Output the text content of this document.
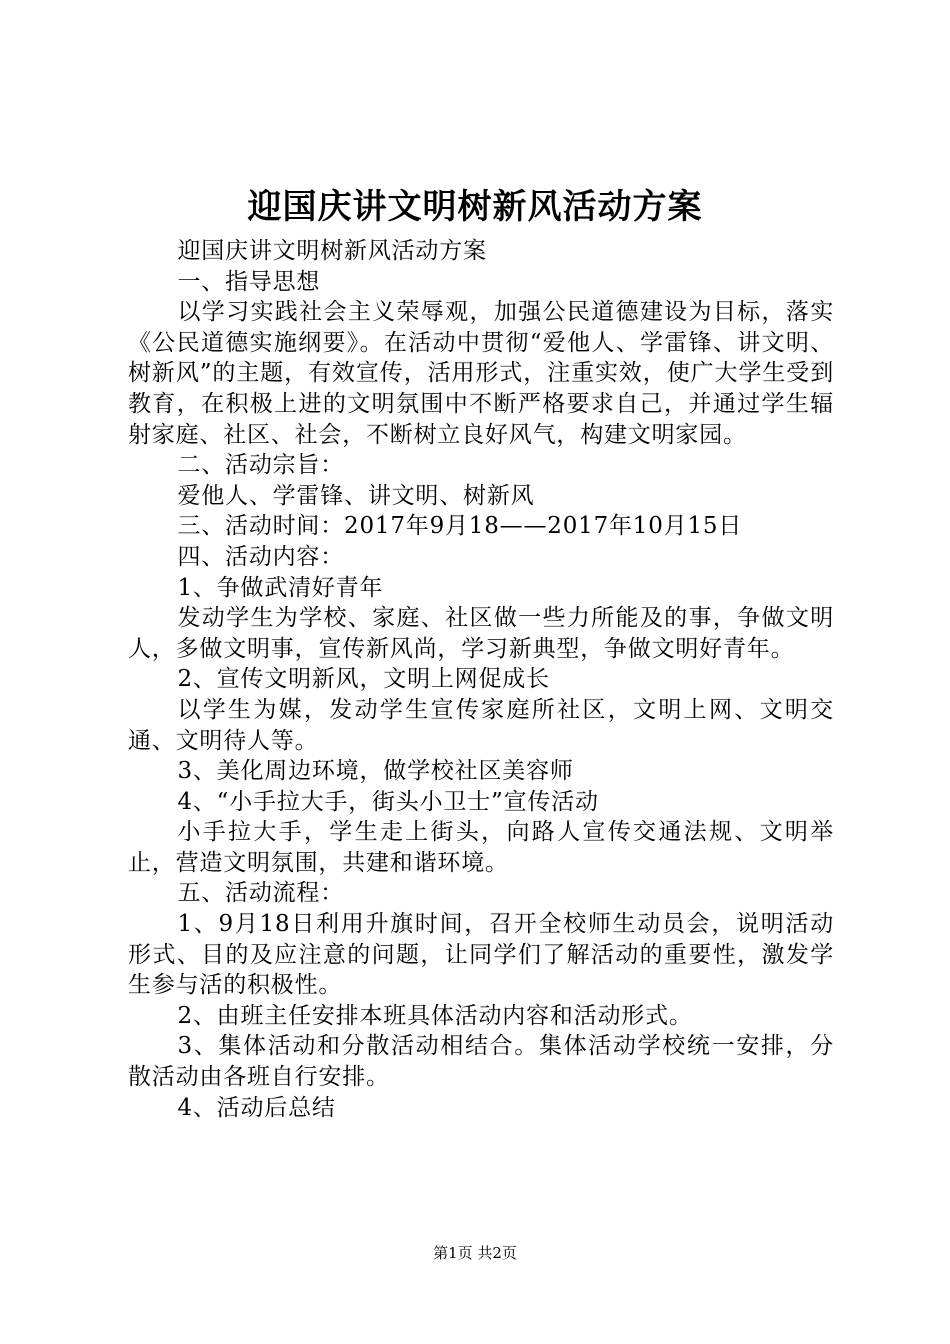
迎国庆讲文明树新风活动方案

迎国庆讲文明树新风活动方案

一、指导思想

以学习实践社会主义荣辱观，加强公民道德建设为目标，落实《公民道德实施纲要》。在活动中贯彻“爱他人、学雷锋、讲文明、树新风”的主题，有效宣传，活用形式，注重实效，使广大学生受到教育，在积极上进的文明氛围中不断严格要求自己，并通过学生辐射家庭、社区、社会，不断树立良好风气，构建文明家园。

二、活动宗旨：

爱他人、学雷锋、讲文明、树新风

三、活动时间：2017年9月18——2017年10月15日

四、活动内容：

1、争做武清好青年

发动学生为学校、家庭、社区做一些力所能及的事，争做文明人，多做文明事，宣传新风尚，学习新典型，争做文明好青年。

2、宣传文明新风，文明上网促成长

以学生为媒，发动学生宣传家庭所社区，文明上网、文明交通、文明待人等。

3、美化周边环境，做学校社区美容师

4、“小手拉大手，街头小卫士”宣传活动

小手拉大手，学生走上街头，向路人宣传交通法规、文明举止，营造文明氛围，共建和谐环境。

五、活动流程：

1、9月18日利用升旗时间，召开全校师生动员会，说明活动形式、目的及应注意的问题，让同学们了解活动的重要性，激发学生参与活的积极性。

2、由班主任安排本班具体活动内容和活动形式。

3、集体活动和分散活动相结合。集体活动学校统一安排，分散活动由各班自行安排。

4、活动后总结

第1页 共2页
